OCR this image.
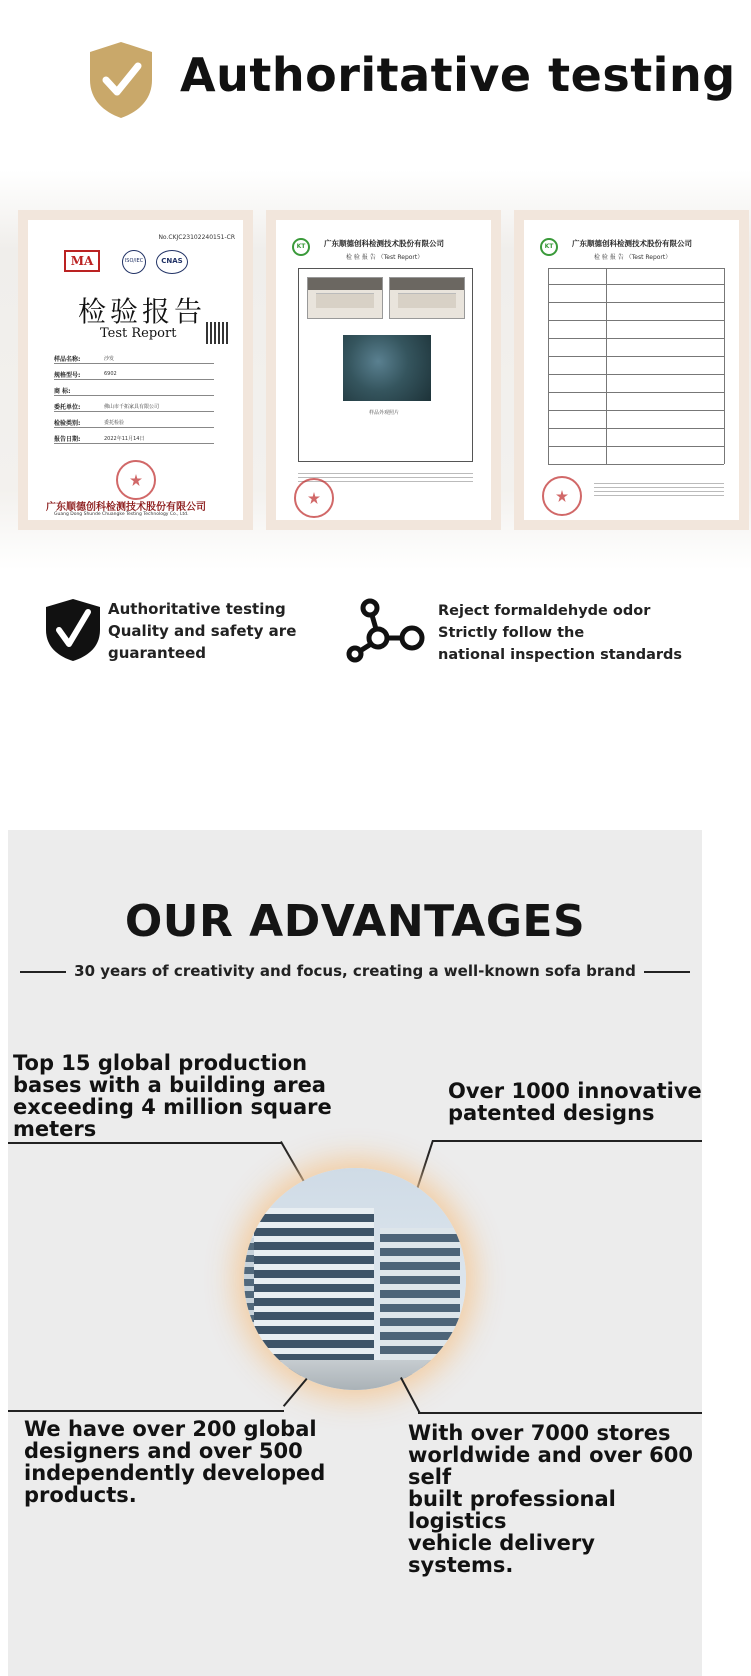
Authoritative testing
No.CKJC23102240151-CR
MA	ISO/IEC	CNAS
检验报告
Test Report
样品名称:	沙发
规格型号:	6902
商 标:
委托单位:	佛山市千拓家具有限公司
检验类别:	委托检验
报告日期:	2022年11月14日
广东顺德创科检测技术股份有限公司
Guang Dong Shunde Chuangke Testing Technology Co., Ltd.
KT	广东顺德创科检测技术股份有限公司
检 验 报 告 （Test Report）
样品外观照片
KT	广东顺德创科检测技术股份有限公司
检 验 报 告 （Test Report）
Authoritative testing
Quality and safety are
guaranteed
Reject formaldehyde odor
Strictly follow the
national inspection standards
OUR ADVANTAGES
30 years of creativity and focus, creating a well-known sofa brand
Top 15 global production
bases with a building area
exceeding 4 million square
meters
Over 1000 innovative
patented designs
We have over 200 global
designers and over 500
independently developed
products.
With over 7000 stores
worldwide and over 600 self
built professional logistics
vehicle delivery systems.
